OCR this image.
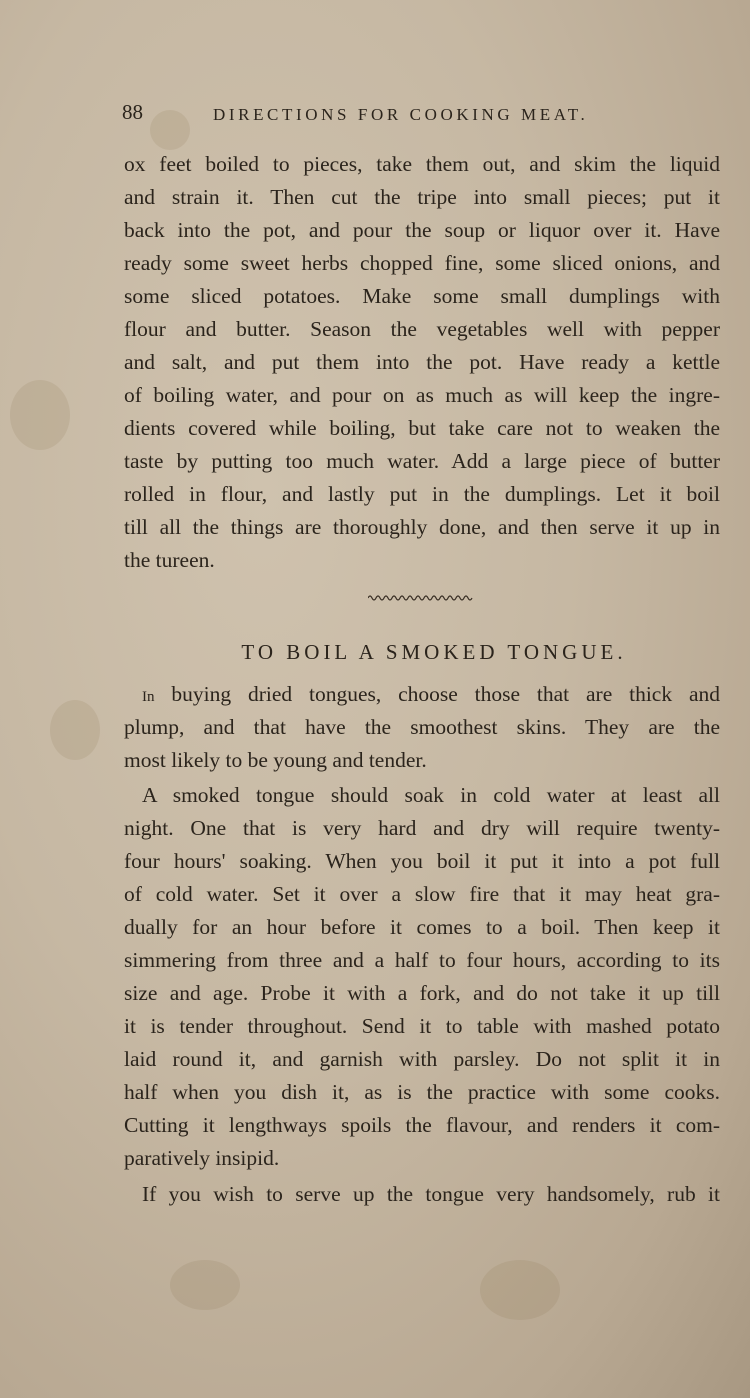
88	DIRECTIONS FOR COOKING MEAT.
ox feet boiled to pieces, take them out, and skim the liquid
and strain it. Then cut the tripe into small pieces; put it
back into the pot, and pour the soup or liquor over it. Have
ready some sweet herbs chopped fine, some sliced onions, and
some sliced potatoes. Make some small dumplings with
flour and butter. Season the vegetables well with pepper
and salt, and put them into the pot. Have ready a kettle
of boiling water, and pour on as much as will keep the ingre-
dients covered while boiling, but take care not to weaken the
taste by putting too much water. Add a large piece of butter
rolled in flour, and lastly put in the dumplings. Let it boil
till all the things are thoroughly done, and then serve it up in
the tureen.
TO BOIL A SMOKED TONGUE.
In buying dried tongues, choose those that are thick and
plump, and that have the smoothest skins. They are the
most likely to be young and tender.
A smoked tongue should soak in cold water at least all
night. One that is very hard and dry will require twenty-
four hours' soaking. When you boil it put it into a pot full
of cold water. Set it over a slow fire that it may heat gra-
dually for an hour before it comes to a boil. Then keep it
simmering from three and a half to four hours, according to its
size and age. Probe it with a fork, and do not take it up till
it is tender throughout. Send it to table with mashed potato
laid round it, and garnish with parsley. Do not split it in
half when you dish it, as is the practice with some cooks.
Cutting it lengthways spoils the flavour, and renders it com-
paratively insipid.
If you wish to serve up the tongue very handsomely, rub it
